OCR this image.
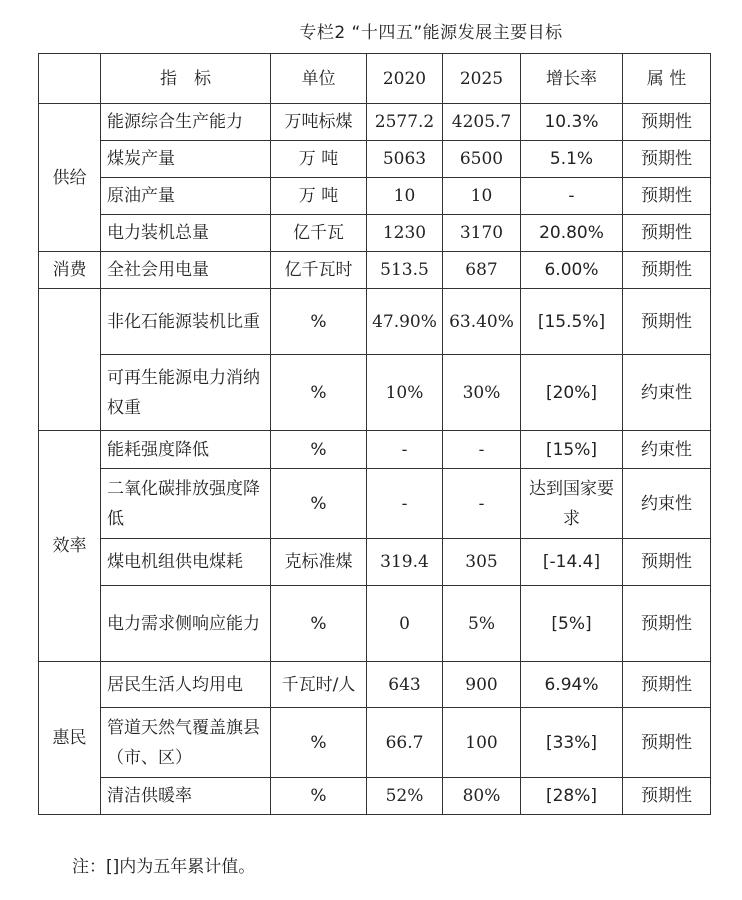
专栏2 “十四五”能源发展主要目标
	指　标	单位	2020	2025	增长率	属 性
供给	能源综合生产能力	万吨标煤	2577.2	4205.7	10.3%	预期性
	煤炭产量	万 吨	5063	6500	5.1%	预期性
	原油产量	万 吨	10	10	-	预期性
	电力装机总量	亿千瓦	1230	3170	20.80%	预期性
消费	全社会用电量	亿千瓦时	513.5	687	6.00%	预期性
	非化石能源装机比重	%	47.90%	63.40%	[15.5%]	预期性
	可再生能源电力消纳权重	%	10%	30%	[20%]	约束性
效率	能耗强度降低	%	-	-	[15%]	约束性
	二氧化碳排放强度降低	%	-	-	达到国家要求	约束性
	煤电机组供电煤耗	克标准煤	319.4	305	[-14.4]	预期性
	电力需求侧响应能力	%	0	5%	[5%]	预期性
惠民	居民生活人均用电	千瓦时/人	643	900	6.94%	预期性
	管道天然气覆盖旗县（市、区）	%	66.7	100	[33%]	预期性
	清洁供暖率	%	52%	80%	[28%]	预期性
注：[]内为五年累计值。
